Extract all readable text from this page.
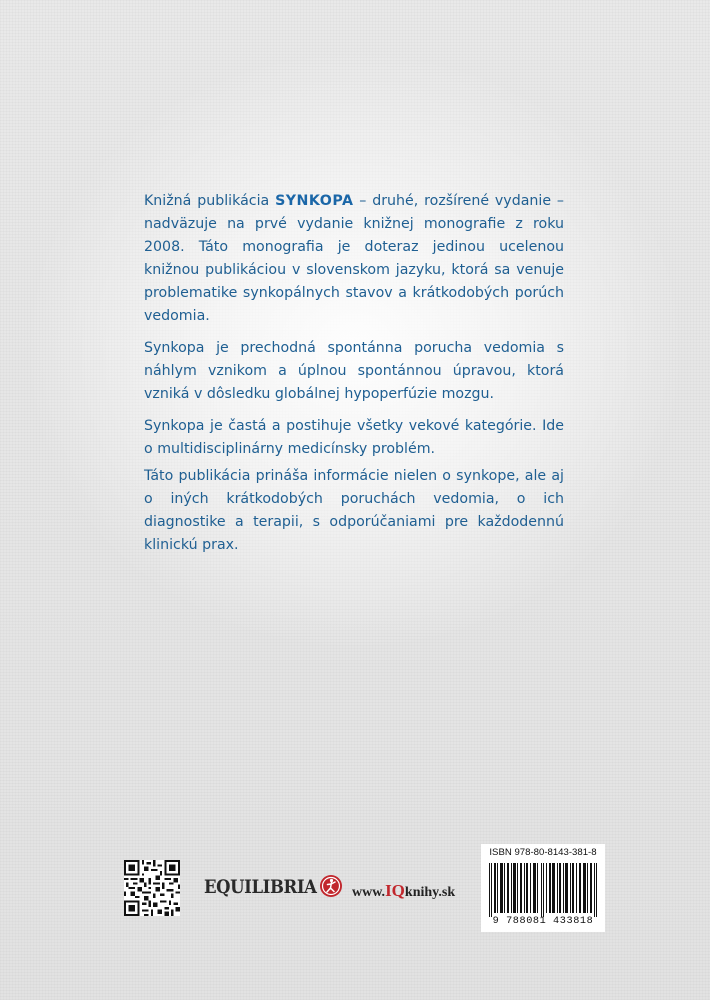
Knižná publikácia SYNKOPA – druhé, rozšírené vydanie – nadväzuje na prvé vydanie knižnej monografie z roku 2008. Táto monografia je doteraz jedinou ucelenou knižnou publikáciou v slovenskom jazyku, ktorá sa venuje problematike synkopálnych stavov a krátkodobých porúch vedomia.

Synkopa je prechodná spontánna porucha vedomia s náhlym vznikom a úplnou spontánnou úpravou, ktorá vzniká v dôsledku globálnej hypoperfúzie mozgu.

Synkopa je častá a postihuje všetky vekové kategórie. Ide o multidisciplinárny medicínsky problém.

Táto publikácia prináša informácie nielen o synkope, ale aj o iných krátkodobých poruchách vedomia, o ich diagnostike a terapii, s odporúčaniami pre každodennú klinickú prax.

EQUILIBRIA	www.IQknihy.sk
ISBN 978-80-8143-381-8
9 788081 433818
